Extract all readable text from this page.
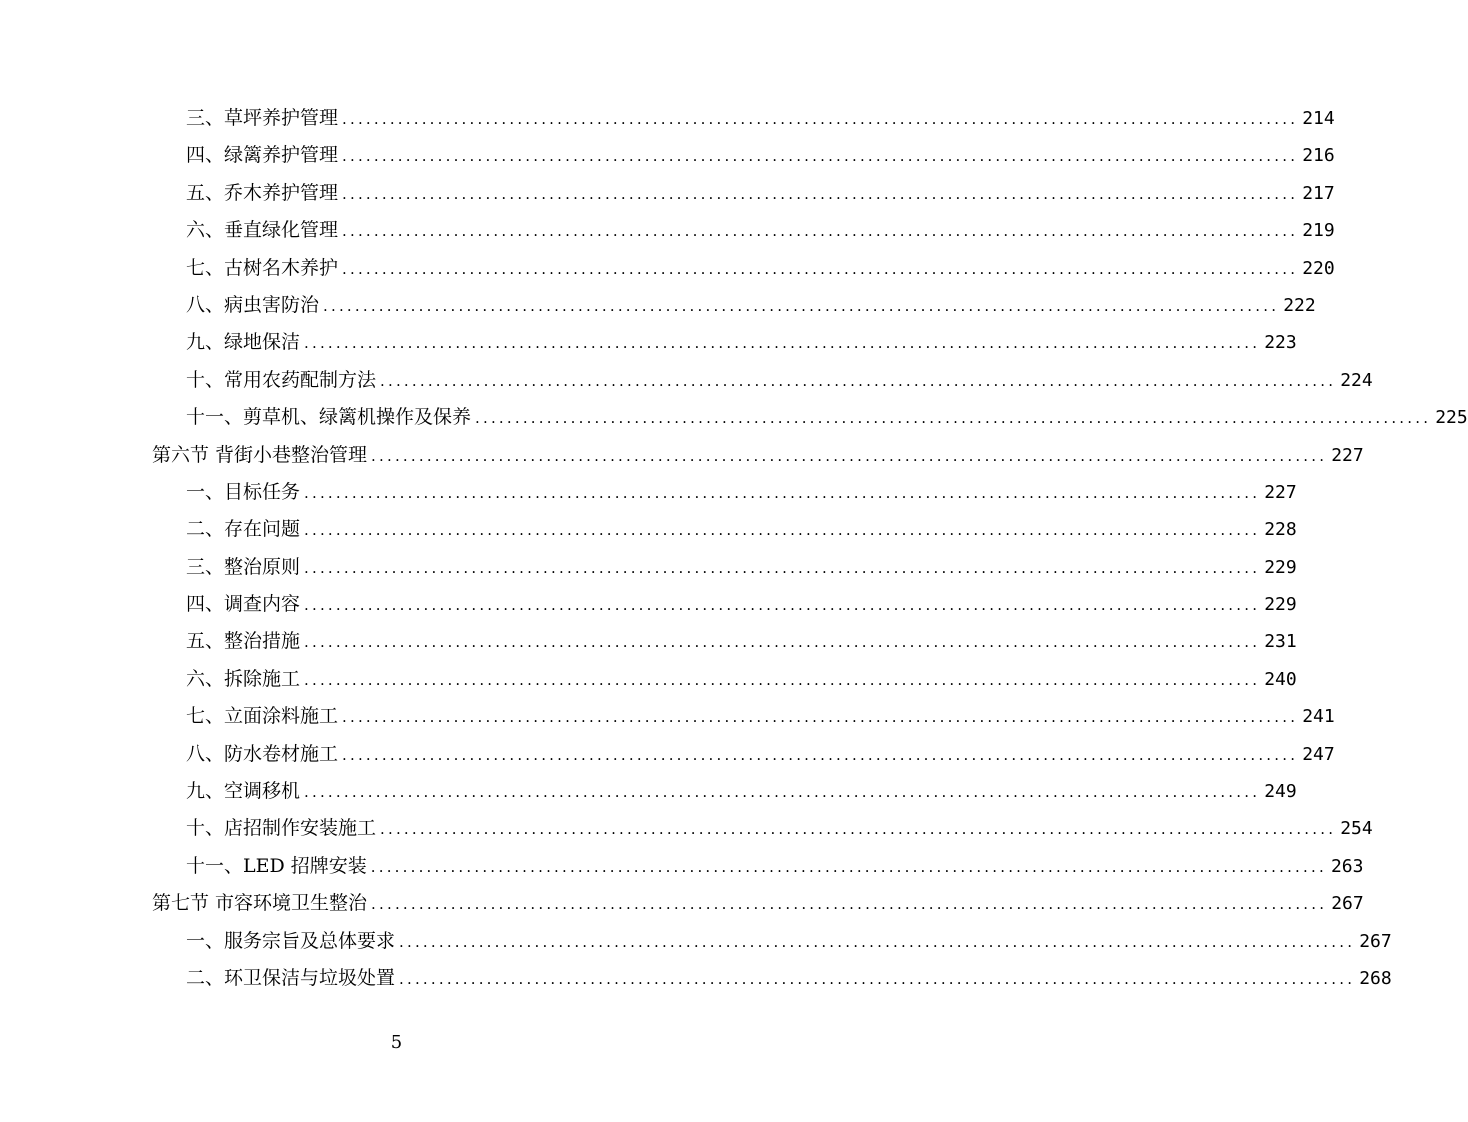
三、草坪养护管理 ........................................................................................................................ 214
四、绿篱养护管理 ........................................................................................................................ 216
五、乔木养护管理 ........................................................................................................................ 217
六、垂直绿化管理 ........................................................................................................................ 219
七、古树名木养护 ........................................................................................................................ 220
八、病虫害防治 ........................................................................................................................ 222
九、绿地保洁 ........................................................................................................................ 223
十、常用农药配制方法 ........................................................................................................................ 224
十一、剪草机、绿篱机操作及保养 ........................................................................................................................ 225
第六节 背街小巷整治管理 ........................................................................................................................ 227
一、目标任务 ........................................................................................................................ 227
二、存在问题 ........................................................................................................................ 228
三、整治原则 ........................................................................................................................ 229
四、调查内容 ........................................................................................................................ 229
五、整治措施 ........................................................................................................................ 231
六、拆除施工 ........................................................................................................................ 240
七、立面涂料施工 ........................................................................................................................ 241
八、防水卷材施工 ........................................................................................................................ 247
九、空调移机 ........................................................................................................................ 249
十、店招制作安装施工 ........................................................................................................................ 254
十一、LED 招牌安装 ........................................................................................................................ 263
第七节 市容环境卫生整治 ........................................................................................................................ 267
一、服务宗旨及总体要求 ........................................................................................................................ 267
二、环卫保洁与垃圾处置 ........................................................................................................................ 268
5
